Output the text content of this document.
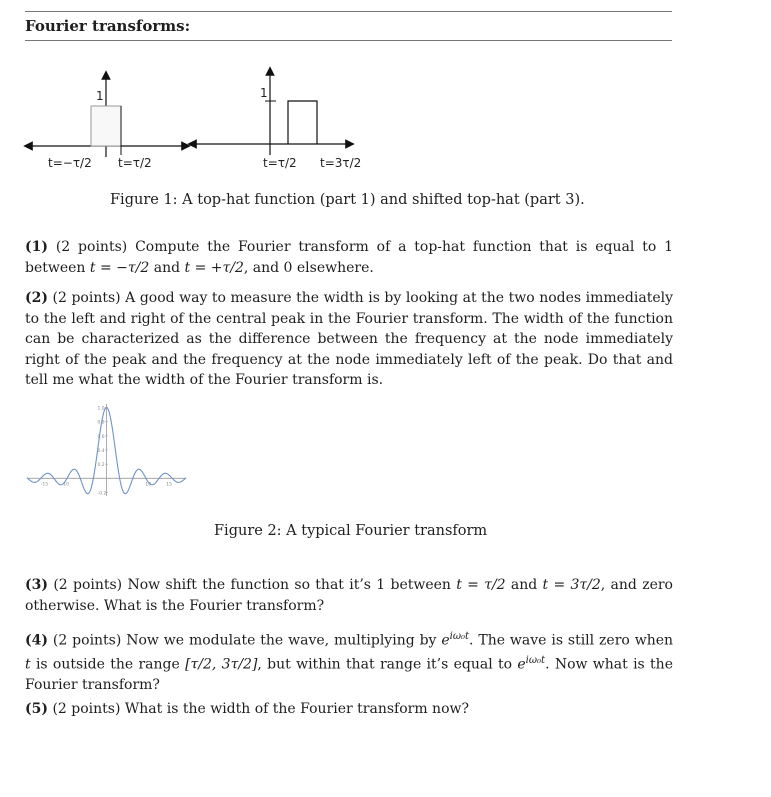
Fourier transforms:
1
t=−τ/2 t=τ/2
1
t=τ/2 t=3τ/2
Figure 1: A top-hat function (part 1) and shifted top-hat (part 3).
(1) (2 points) Compute the Fourier transform of a top-hat function that is equal to 1 between t = −τ/2 and t = +τ/2, and 0 elsewhere.
(2) (2 points) A good way to measure the width is by looking at the two nodes immediately to the left and right of the central peak in the Fourier transform. The width of the function can be characterized as the difference between the frequency at the node immediately right of the peak and the frequency at the node immediately left of the peak. Do that and tell me what the width of the Fourier transform is.
1.0
0.8
0.6
0.4
0.2
-0.2
-15	-10	10	15
Figure 2: A typical Fourier transform
(3) (2 points) Now shift the function so that it’s 1 between t = τ/2 and t = 3τ/2, and zero otherwise. What is the Fourier transform?
(4) (2 points) Now we modulate the wave, multiplying by $e^{i\omega_0t}$. The wave is still zero when t is outside the range [τ/2, 3τ/2], but within that range it’s equal to $e^{i\omega_0t}$. Now what is the Fourier transform?
(5) (2 points) What is the width of the Fourier transform now?
